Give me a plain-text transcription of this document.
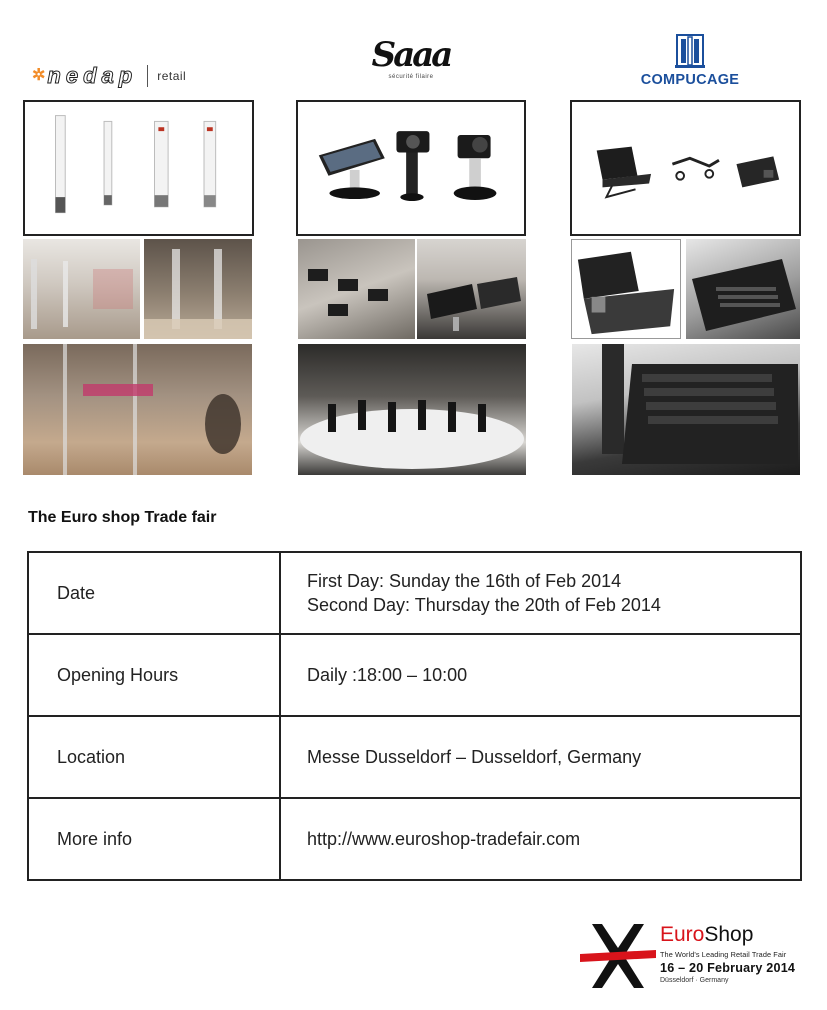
✲ nedap retail
Saaa
sécurité filaire	COMPUCAGE
The Euro shop Trade fair
Date	First Day: Sunday the 16th of Feb 2014
Second Day: Thursday the 20th of Feb 2014

Opening Hours	Daily :18:00 – 10:00
Location	Messe Dusseldorf – Dusseldorf, Germany
More info	http://www.euroshop-tradefair.com
EuroShop
The World's Leading Retail Trade Fair
16 – 20 February 2014
Düsseldorf · Germany
